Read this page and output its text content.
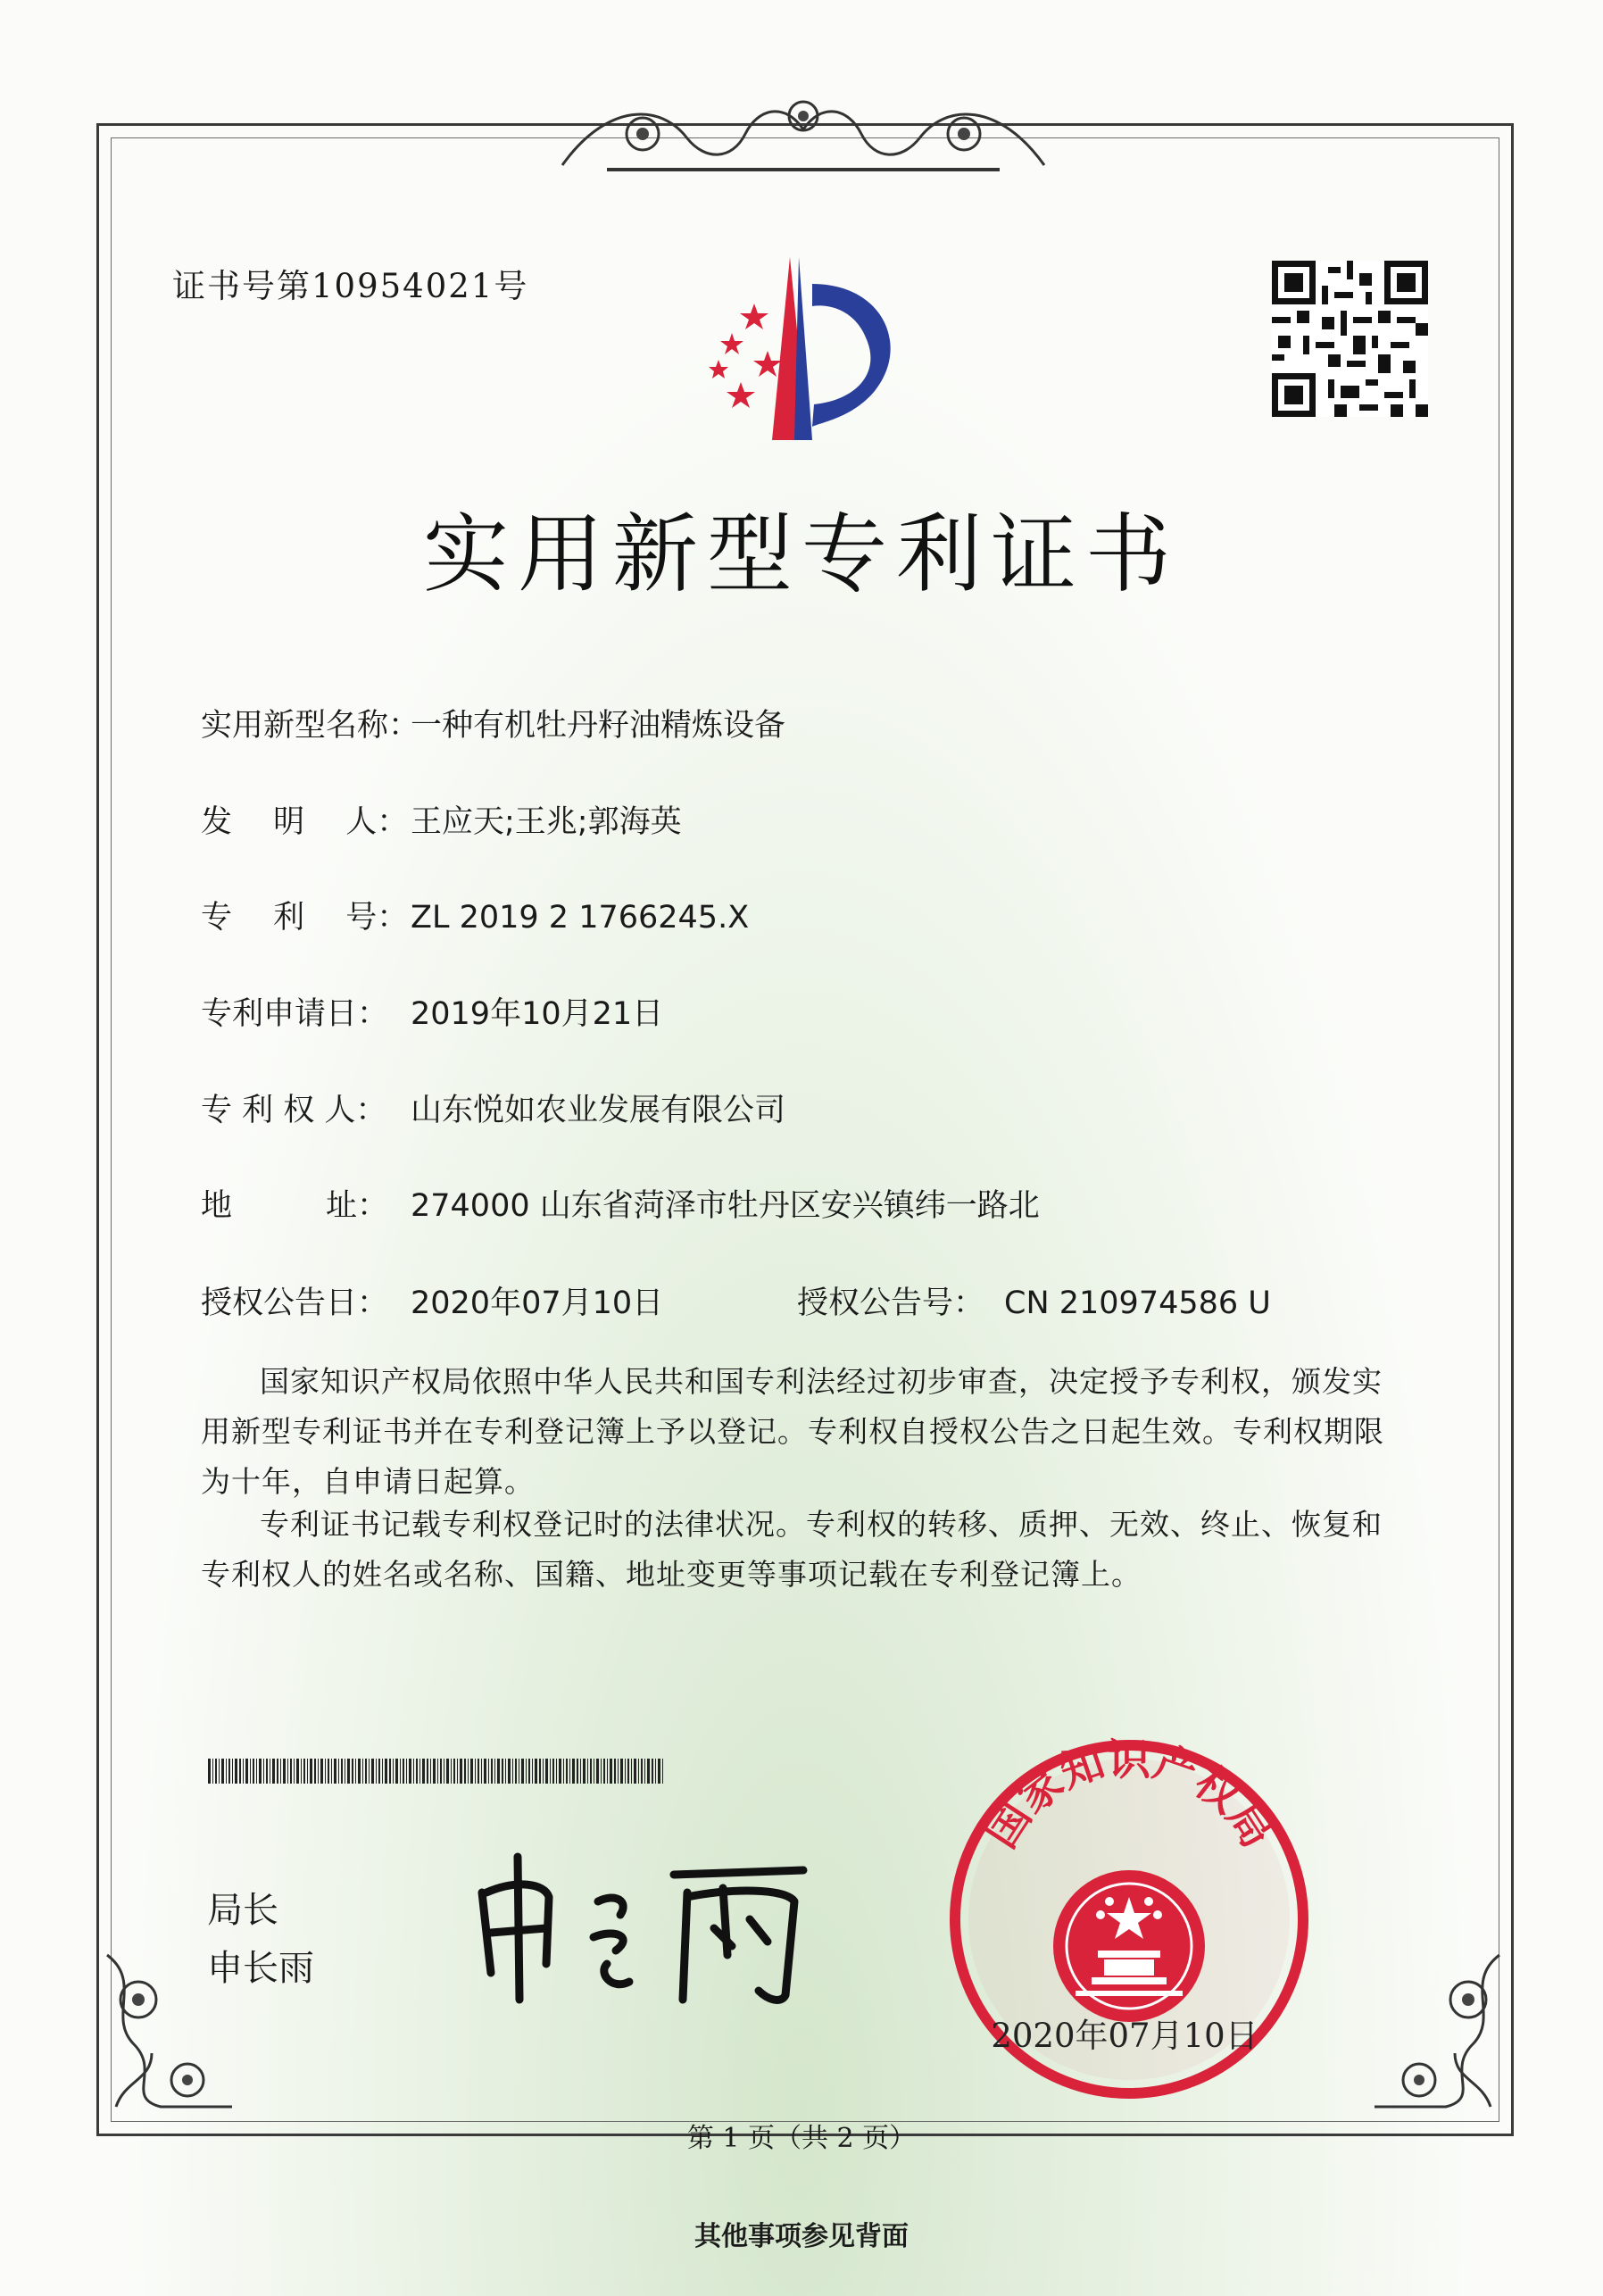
证书号第10954021号
实用新型专利证书
实用新型名称：一种有机牡丹籽油精炼设备
发　 明　 人：王应天;王兆;郭海英
专　 利　 号：ZL 2019 2 1766245.X
专利申请日： 2019年10月21日
专 利 权 人： 山东悦如农业发展有限公司
地　　　址： 274000 山东省菏泽市牡丹区安兴镇纬一路北
授权公告日： 2020年07月10日	授权公告号： CN 210974586 U
国家知识产权局依照中华人民共和国专利法经过初步审查，决定授予专利权，颁发实用新型专利证书并在专利登记簿上予以登记。专利权自授权公告之日起生效。专利权期限为十年，自申请日起算。
专利证书记载专利权登记时的法律状况。专利权的转移、质押、无效、终止、恢复和专利权人的姓名或名称、国籍、地址变更等事项记载在专利登记簿上。
局长
申长雨
国家知识产权局
2020年07月10日
第 1 页（共 2 页）
其他事项参见背面
